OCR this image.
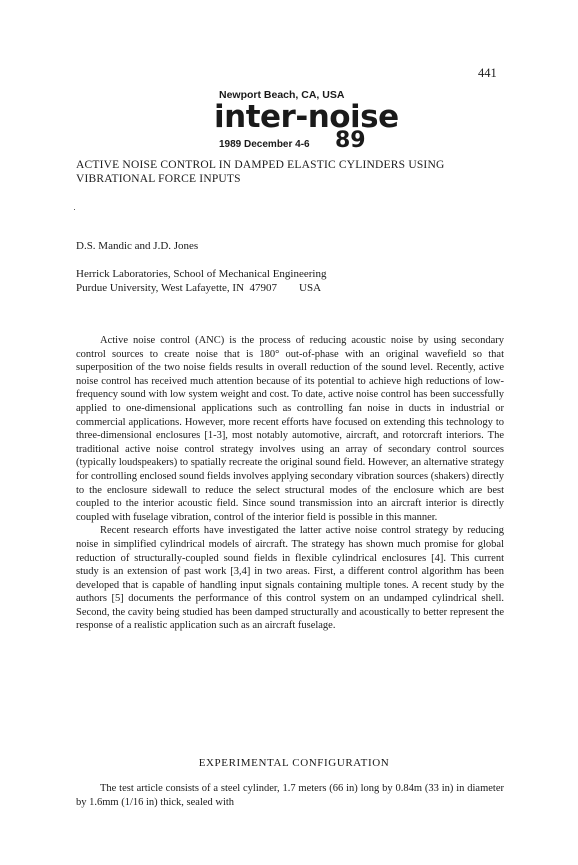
441
Newport Beach, CA, USA
inter-noise
1989 December 4-6 89
ACTIVE NOISE CONTROL IN DAMPED ELASTIC CYLINDERS USING VIBRATIONAL FORCE INPUTS
D.S. Mandic and J.D. Jones
Herrick Laboratories, School of Mechanical Engineering
Purdue University, West Lafayette, IN  47907        USA

Active noise control (ANC) is the process of reducing acoustic noise by using secondary control sources to create noise that is 180° out-of-phase with an original wavefield so that superposition of the two noise fields results in overall reduction of the sound level. Recently, active noise control has received much attention because of its potential to achieve high reductions of low-frequency sound with low system weight and cost. To date, active noise control has been successfully applied to one-dimensional applications such as controlling fan noise in ducts in industrial or commercial applications. However, more recent efforts have focused on extending this technology to three-dimensional enclosures [1-3], most notably automotive, aircraft, and rotorcraft interiors. The traditional active noise control strategy involves using an array of secondary control sources (typically loudspeakers) to spatially recreate the original sound field. However, an alternative strategy for controlling enclosed sound fields involves applying secondary vibration sources (shakers) directly to the enclosure sidewall to reduce the select structural modes of the enclosure which are best coupled to the interior acoustic field. Since sound transmission into an aircraft interior is directly coupled with fuselage vibration, control of the interior field is possible in this manner.

Recent research efforts have investigated the latter active noise control strategy by reducing noise in simplified cylindrical models of aircraft. The strategy has shown much promise for global reduction of structurally-coupled sound fields in flexible cylindrical enclosures [4]. This current study is an extension of past work [3,4] in two areas. First, a different control algorithm has been developed that is capable of handling input signals containing multiple tones. A recent study by the authors [5] documents the performance of this control system on an undamped cylindrical shell. Second, the cavity being studied has been damped structurally and acoustically to better represent the response of a realistic application such as an aircraft fuselage.

EXPERIMENTAL CONFIGURATION

The test article consists of a steel cylinder, 1.7 meters (66 in) long by 0.84m (33 in) in diameter by 1.6mm (1/16 in) thick, sealed with
